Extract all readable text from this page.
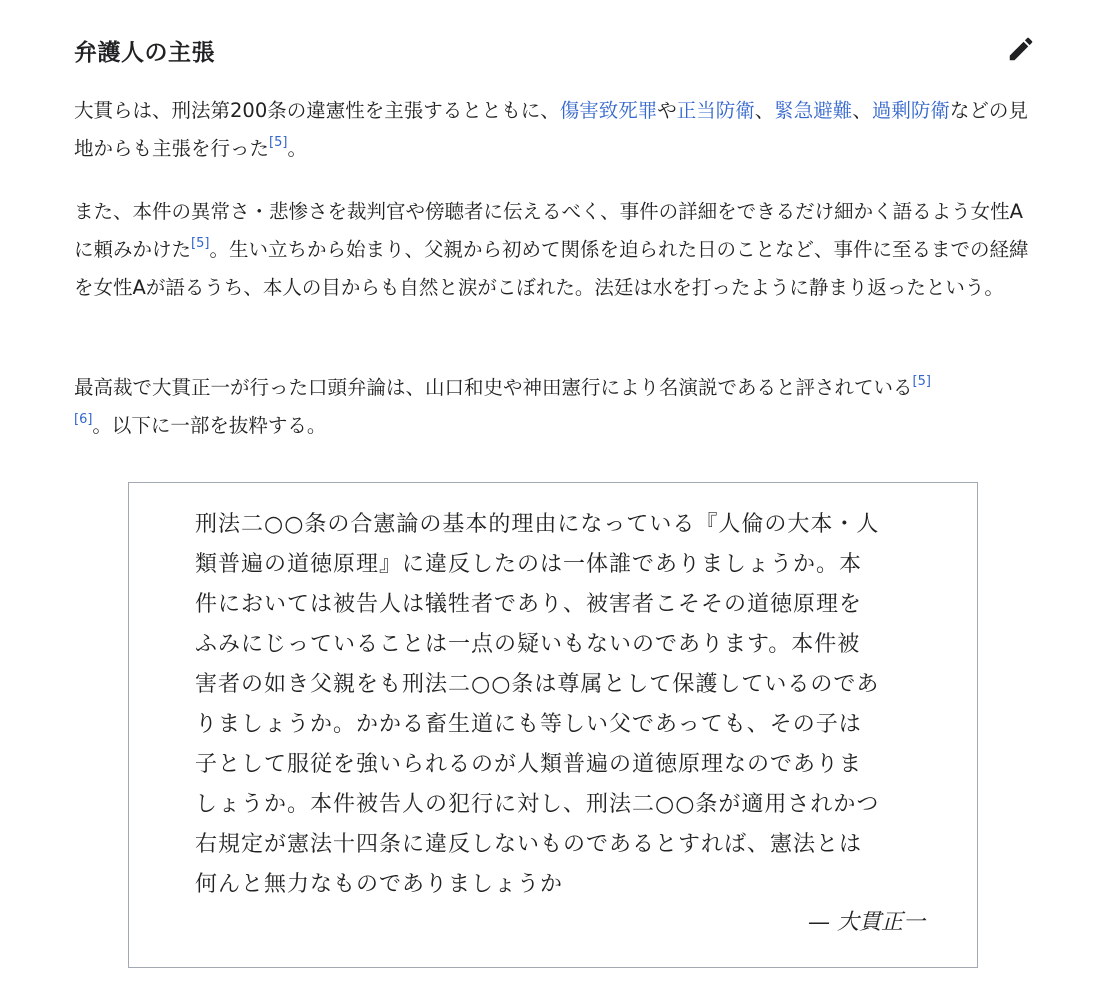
弁護人の主張

大貫らは、刑法第200条の違憲性を主張するとともに、傷害致死罪や正当防衛、緊急避難、過剰防衛などの見地からも主張を行った[5]。

また、本件の異常さ・悲惨さを裁判官や傍聴者に伝えるべく、事件の詳細をできるだけ細かく語るよう女性Aに頼みかけた[5]。生い立ちから始まり、父親から初めて関係を迫られた日のことなど、事件に至るまでの経緯を女性Aが語るうち、本人の目からも自然と涙がこぼれた。法廷は水を打ったように静まり返ったという。

最高裁で大貫正一が行った口頭弁論は、山口和史や神田憲行により名演説であると評されている[5]
[6]。以下に一部を抜粋する。

刑法二○○条の合憲論の基本的理由になっている『人倫の大本・人
類普遍の道徳原理』に違反したのは一体誰でありましょうか。本
件においては被告人は犠牲者であり、被害者こそその道徳原理を
ふみにじっていることは一点の疑いもないのであります。本件被
害者の如き父親をも刑法二○○条は尊属として保護しているのであ
りましょうか。かかる畜生道にも等しい父であっても、その子は
子として服従を強いられるのが人類普遍の道徳原理なのでありま
しょうか。本件被告人の犯行に対し、刑法二○○条が適用されかつ
右規定が憲法十四条に違反しないものであるとすれば、憲法とは
何んと無力なものでありましょうか
— 大貫正一
